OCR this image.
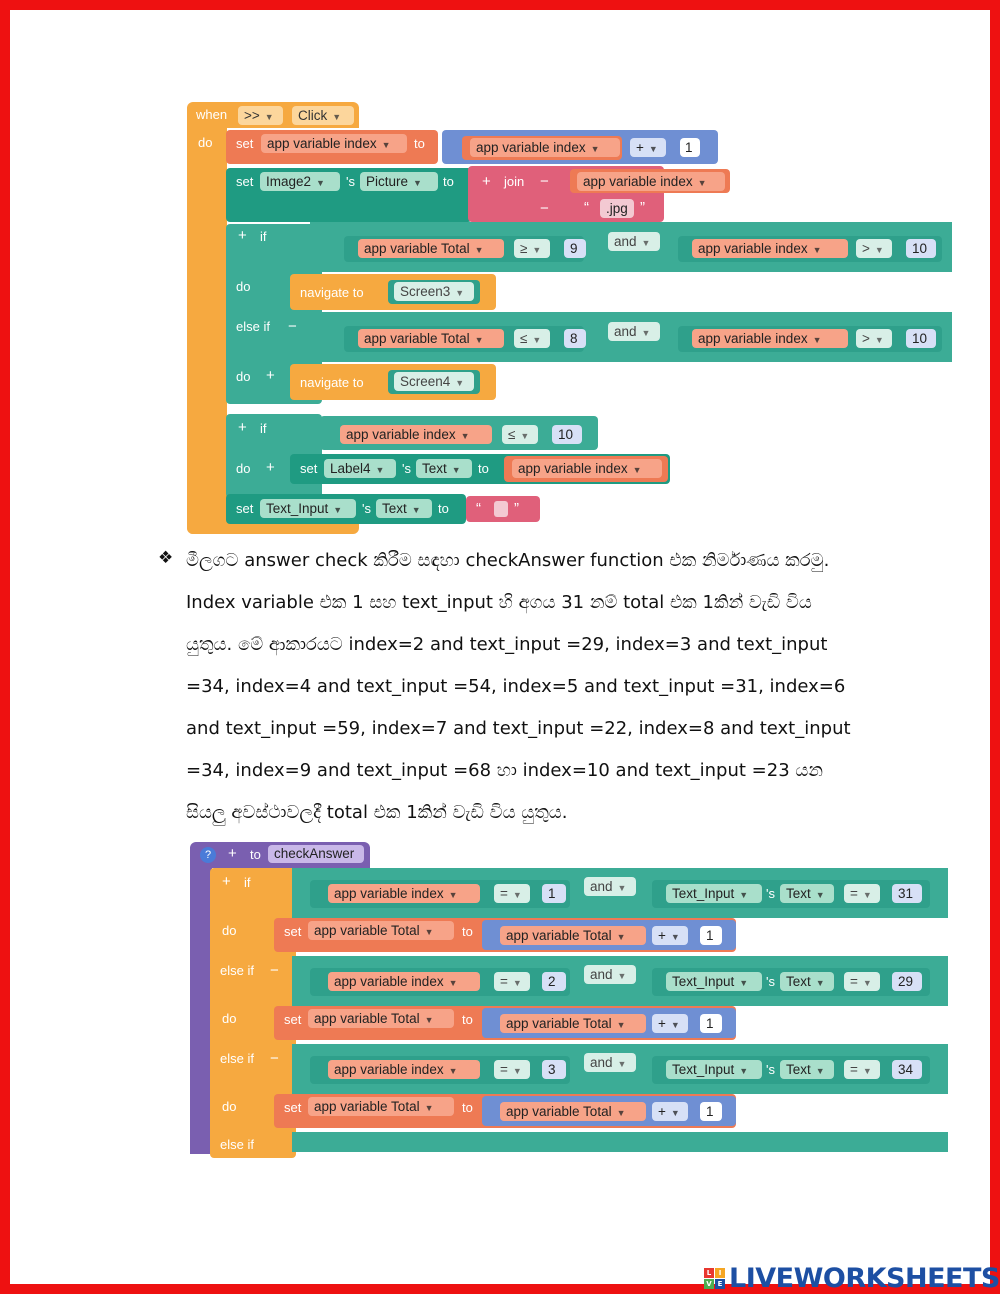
when	>> ▼	Click ▼
do set	app variable index ▼	to	app variable index ▼	+ ▼	1
set Image2 ▼	's Picture ▼	to + join −	app variable index ▼
− “	.jpg ”
+ if
do
else if −
do +
app variable Total ▼	≥ ▼	9	and ▼	app variable index ▼	> ▼	10
navigate to	Screen3 ▼
app variable Total ▼	≤ ▼	8	and ▼	app variable index ▼	> ▼	10
navigate to	Screen4 ▼
+ if
do +
app variable index ▼	≤ ▼	10
set Label4 ▼	's Text ▼	to	app variable index ▼
set Text_Input ▼	's Text ▼	to “ ”
❖ මීලගට answer check කිරීම සඳහා checkAnswer function එක නිර්මාණය කරමු.

Index variable එක 1 සහ text_input හි අගය 31 නම් total එක 1කින් වැඩි විය

යුතුය. මේ ආකාරයට index=2 and text_input =29, index=3 and text_input

=34, index=4 and text_input =54, index=5 and text_input =31, index=6

and text_input =59, index=7 and text_input =22, index=8 and text_input

=34, index=9 and text_input =68 හා index=10 and text_input =23 යන

සියලු අවස්ථාවලදී total එක 1කින් වැඩි විය යුතුය.

?	+ to checkAnswer
+ if
app variable index ▼	= ▼	1	and ▼	Text_Input ▼	's Text ▼	= ▼	31
do	set app variable Total ▼	to	app variable Total ▼	+ ▼	1
else if −
app variable index ▼	= ▼	2	and ▼	Text_Input ▼	's Text ▼	= ▼	29
do	set app variable Total ▼	to	app variable Total ▼	+ ▼	1
else if −
app variable index ▼	= ▼	3	and ▼	Text_Input ▼	's Text ▼	= ▼	34
do	set app variable Total ▼	to	app variable Total ▼	+ ▼	1
else if
L	I
V E LIVEWORKSHEETS
